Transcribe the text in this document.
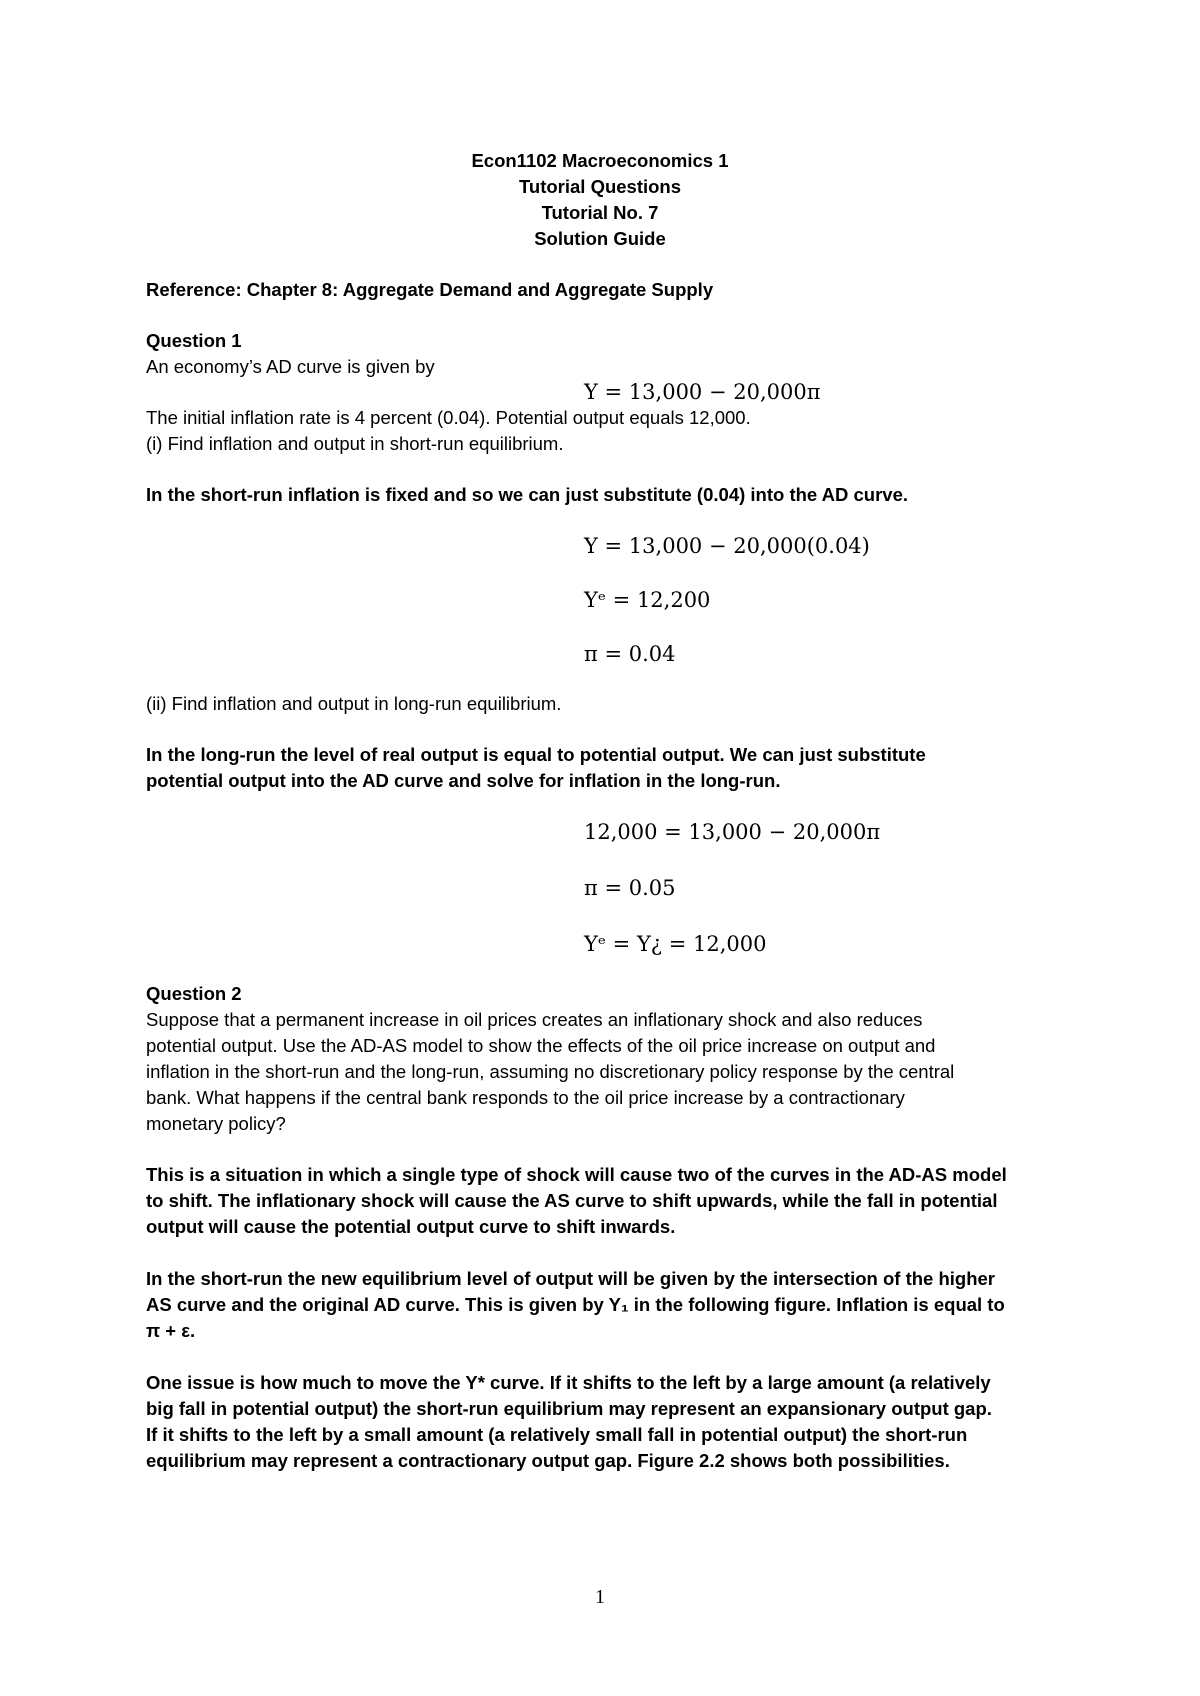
Econ1102 Macroeconomics 1
Tutorial Questions
Tutorial No. 7
Solution Guide
Reference: Chapter 8: Aggregate Demand and Aggregate Supply
Question 1
An economy’s AD curve is given by
Y = 13,000 − 20,000π
The initial inflation rate is 4 percent (0.04). Potential output equals 12,000.
(i) Find inflation and output in short-run equilibrium.
In the short-run inflation is fixed and so we can just substitute (0.04) into the AD curve.
Y = 13,000 − 20,000(0.04)
Yᵉ = 12,200
π = 0.04
(ii) Find inflation and output in long-run equilibrium.
In the long-run the level of real output is equal to potential output. We can just substitute
potential output into the AD curve and solve for inflation in the long-run.
12,000 = 13,000 − 20,000π
π = 0.05
Yᵉ = Y¿ = 12,000
Question 2
Suppose that a permanent increase in oil prices creates an inflationary shock and also reduces
potential output. Use the AD-AS model to show the effects of the oil price increase on output and
inflation in the short-run and the long-run, assuming no discretionary policy response by the central
bank. What happens if the central bank responds to the oil price increase by a contractionary
monetary policy?
This is a situation in which a single type of shock will cause two of the curves in the AD-AS model
to shift. The inflationary shock will cause the AS curve to shift upwards, while the fall in potential
output will cause the potential output curve to shift inwards.
In the short-run the new equilibrium level of output will be given by the intersection of the higher
AS curve and the original AD curve. This is given by Y₁ in the following figure. Inflation is equal to
π + ε.
One issue is how much to move the Y* curve. If it shifts to the left by a large amount (a relatively
big fall in potential output) the short-run equilibrium may represent an expansionary output gap.
If it shifts to the left by a small amount (a relatively small fall in potential output) the short-run
equilibrium may represent a contractionary output gap. Figure 2.2 shows both possibilities.
1
